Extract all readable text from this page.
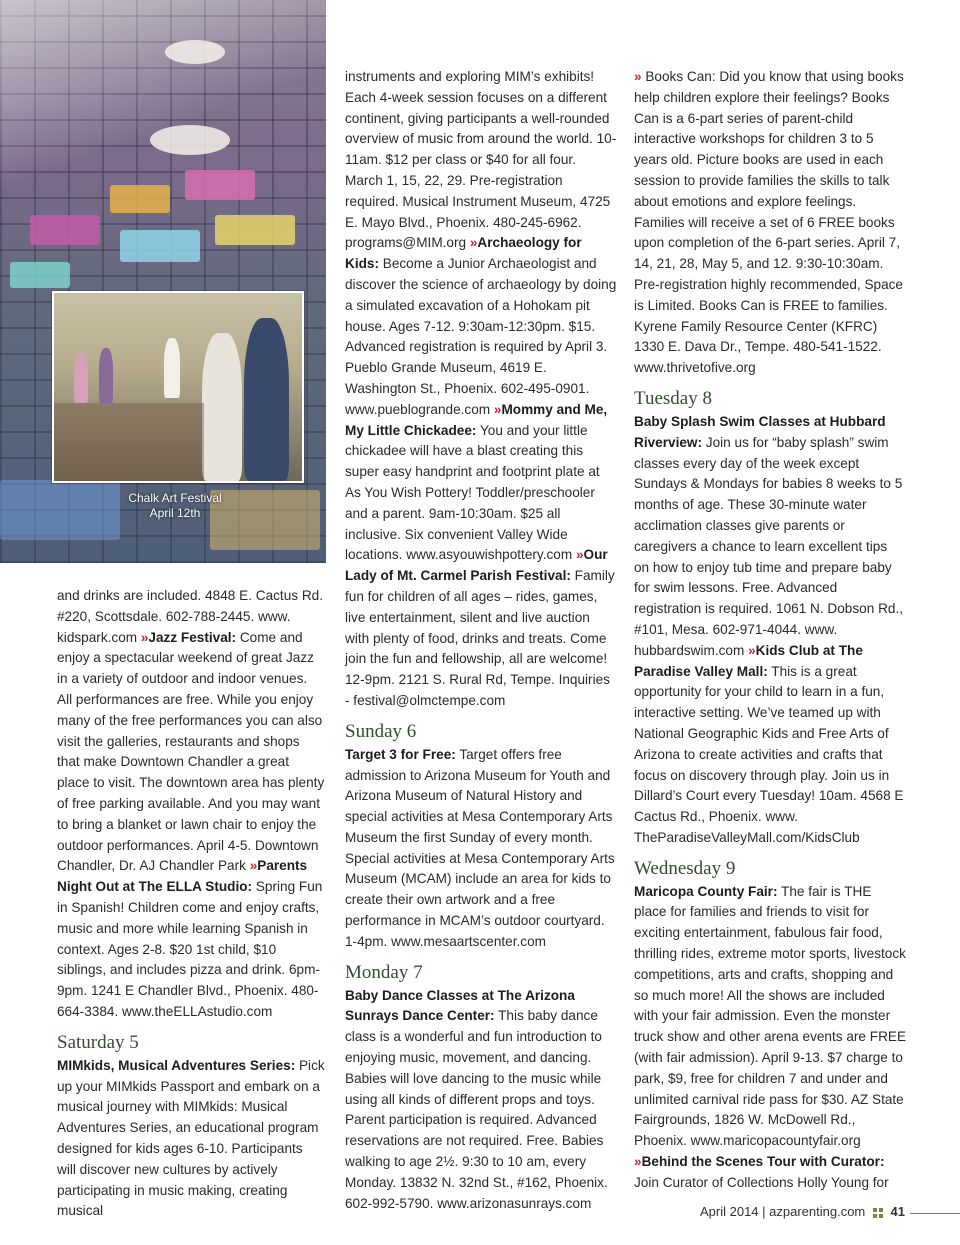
Chalk Art Festival
April 12th

and drinks are included. 4848 E. Cactus Rd. #220, Scottsdale. 602-788-2445. www. kidspark.com »Jazz Festival: Come and enjoy a spectacular weekend of great Jazz in a variety of outdoor and indoor venues. All performances are free. While you enjoy many of the free performances you can also visit the galleries, restaurants and shops that make Downtown Chandler a great place to visit. The downtown area has plenty of free parking available. And you may want to bring a blanket or lawn chair to enjoy the outdoor performances. April 4-5. Downtown Chandler, Dr. AJ Chandler Park »Parents Night Out at The ELLA Studio: Spring Fun in Spanish! Children come and enjoy crafts, music and more while learning Spanish in context. Ages 2-8. $20 1st child, $10 siblings, and includes pizza and drink. 6pm-9pm. 1241 E Chandler Blvd., Phoenix. 480-664-3384. www.theELLAstudio.com

Saturday 5

MIMkids, Musical Adventures Series: Pick up your MIMkids Passport and embark on a musical journey with MIMkids: Musical Adventures Series, an educational program designed for kids ages 6-10. Participants will discover new cultures by actively participating in music making, creating musical

instruments and exploring MIM’s exhibits! Each 4-week session focuses on a different continent, giving participants a well-rounded overview of music from around the world. 10-11am. $12 per class or $40 for all four. March 1, 15, 22, 29. Pre-registration required. Musical Instrument Museum, 4725 E. Mayo Blvd., Phoenix. 480-245-6962. programs@MIM.org »Archaeology for Kids: Become a Junior Archaeologist and discover the science of archaeology by doing a simulated excavation of a Hohokam pit house. Ages 7-12. 9:30am-12:30pm. $15. Advanced registration is required by April 3. Pueblo Grande Museum, 4619 E. Washington St., Phoenix. 602-495-0901. www.pueblogrande.com »Mommy and Me, My Little Chickadee: You and your little chickadee will have a blast creating this super easy handprint and footprint plate at As You Wish Pottery! Toddler/preschooler and a parent. 9am-10:30am. $25 all inclusive. Six convenient Valley Wide locations. www.asyouwishpottery.com »Our Lady of Mt. Carmel Parish Festival: Family fun for children of all ages – rides, games, live entertainment, silent and live auction with plenty of food, drinks and treats. Come join the fun and fellowship, all are welcome! 12-9pm. 2121 S. Rural Rd, Tempe. Inquiries - festival@olmctempe.com

Sunday 6

Target 3 for Free: Target offers free admission to Arizona Museum for Youth and Arizona Museum of Natural History and special activities at Mesa Contemporary Arts Museum the first Sunday of every month. Special activities at Mesa Contemporary Arts Museum (MCAM) include an area for kids to create their own artwork and a free performance in MCAM’s outdoor courtyard. 1-4pm. www.mesaartscenter.com

Monday 7

Baby Dance Classes at The Arizona Sunrays Dance Center: This baby dance class is a wonderful and fun introduction to enjoying music, movement, and dancing. Babies will love dancing to the music while using all kinds of different props and toys. Parent participation is required. Advanced reservations are not required. Free. Babies walking to age 2½. 9:30 to 10 am, every Monday. 13832 N. 32nd St., #162, Phoenix. 602-992-5790. www.arizonasunrays.com

» Books Can: Did you know that using books help children explore their feelings? Books Can is a 6-part series of parent-child interactive workshops for children 3 to 5 years old. Picture books are used in each session to provide families the skills to talk about emotions and explore feelings. Families will receive a set of 6 FREE books upon completion of the 6-part series. April 7, 14, 21, 28, May 5, and 12. 9:30-10:30am. Pre-registration highly recommended, Space is Limited. Books Can is FREE to families. Kyrene Family Resource Center (KFRC) 1330 E. Dava Dr., Tempe. 480-541-1522. www.thrivetofive.org

Tuesday 8

Baby Splash Swim Classes at Hubbard Riverview: Join us for “baby splash” swim classes every day of the week except Sundays & Mondays for babies 8 weeks to 5 months of age. These 30-minute water acclimation classes give parents or caregivers a chance to learn excellent tips on how to enjoy tub time and prepare baby for swim lessons. Free. Advanced registration is required. 1061 N. Dobson Rd., #101, Mesa. 602-971-4044. www. hubbardswim.com »Kids Club at The Paradise Valley Mall: This is a great opportunity for your child to learn in a fun, interactive setting. We’ve teamed up with National Geographic Kids and Free Arts of Arizona to create activities and crafts that focus on discovery through play. Join us in Dillard’s Court every Tuesday! 10am. 4568 E Cactus Rd., Phoenix. www. TheParadiseValleyMall.com/KidsClub

Wednesday 9

Maricopa County Fair: The fair is THE place for families and friends to visit for exciting entertainment, fabulous fair food, thrilling rides, extreme motor sports, livestock competitions, arts and crafts, shopping and so much more! All the shows are included with your fair admission. Even the monster truck show and other arena events are FREE (with fair admission). April 9-13. $7 charge to park, $9, free for children 7 and under and unlimited carnival ride pass for $30. AZ State Fairgrounds, 1826 W. McDowell Rd., Phoenix. www.maricopacountyfair.org »Behind the Scenes Tour with Curator: Join Curator of Collections Holly Young for

April 2014 | azparenting.com 41
